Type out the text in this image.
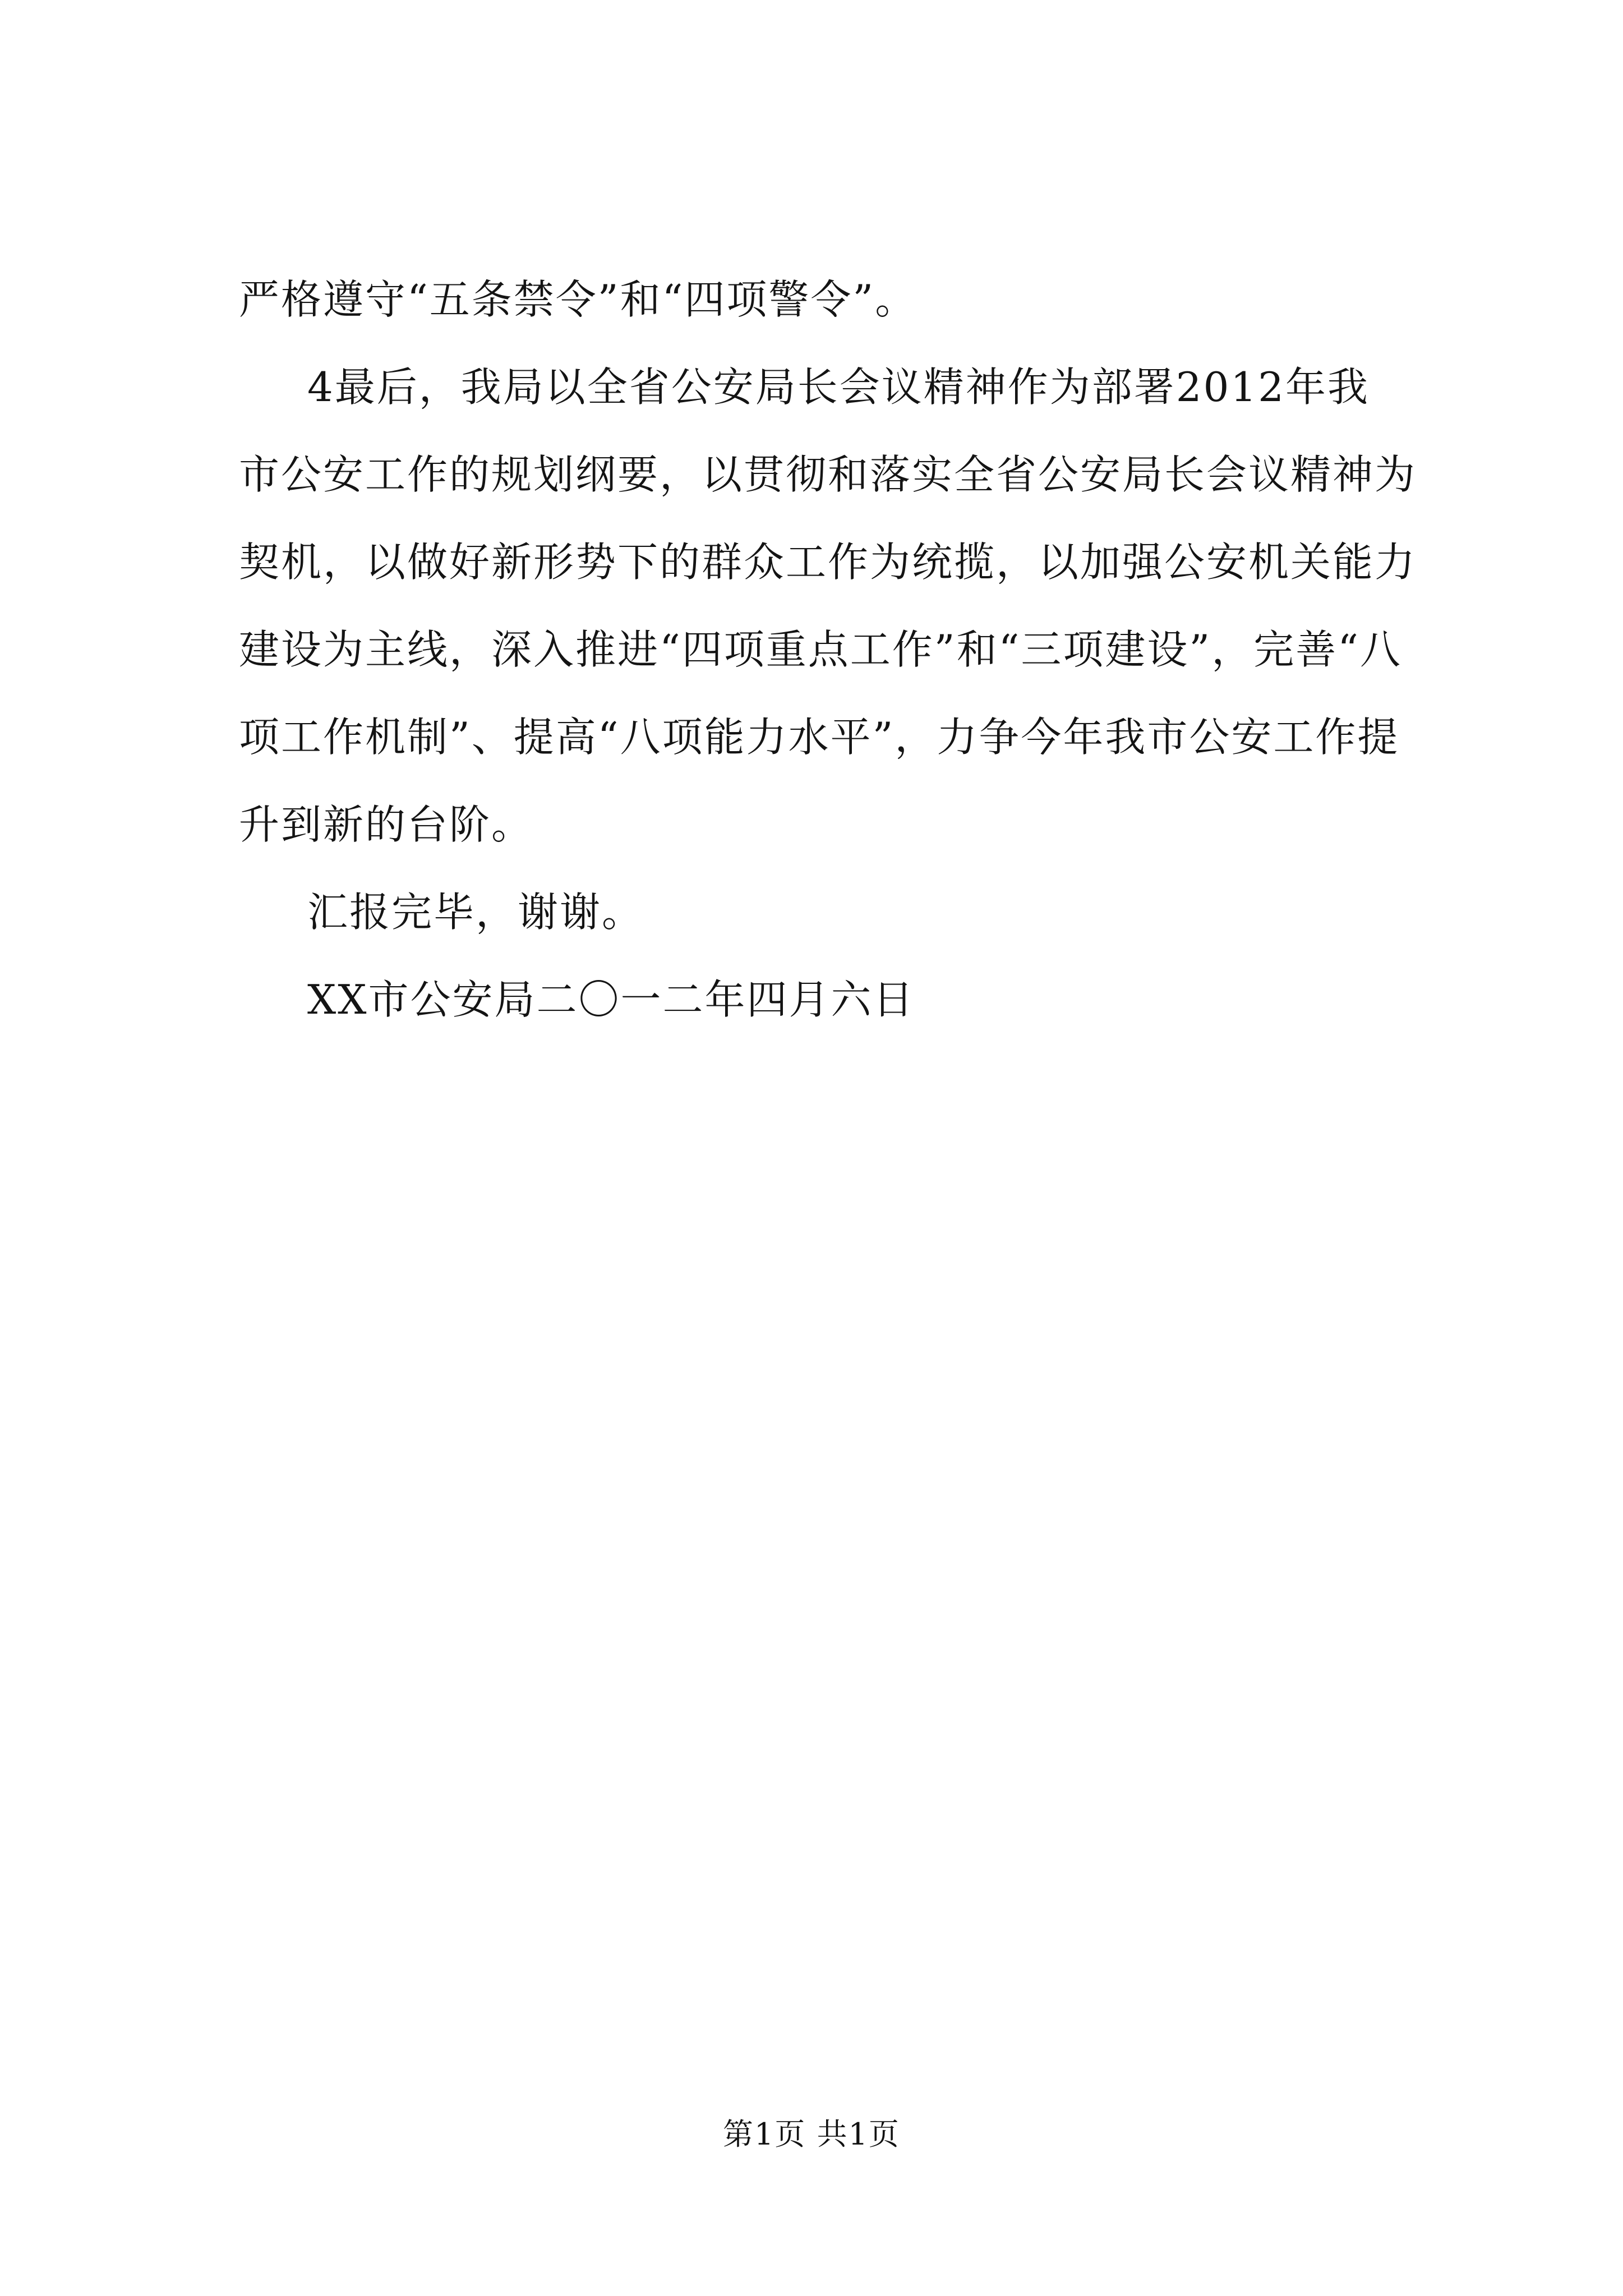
严格遵守“五条禁令”和“四项警令”。
4最后，我局以全省公安局长会议精神作为部署2012年我
市公安工作的规划纲要，以贯彻和落实全省公安局长会议精神为
契机，以做好新形势下的群众工作为统揽，以加强公安机关能力
建设为主线，深入推进“四项重点工作”和“三项建设”，完善“八
项工作机制”、提高“八项能力水平”，力争今年我市公安工作提
升到新的台阶。
汇报完毕，谢谢。
XX市公安局二〇一二年四月六日
第1页 共1页
